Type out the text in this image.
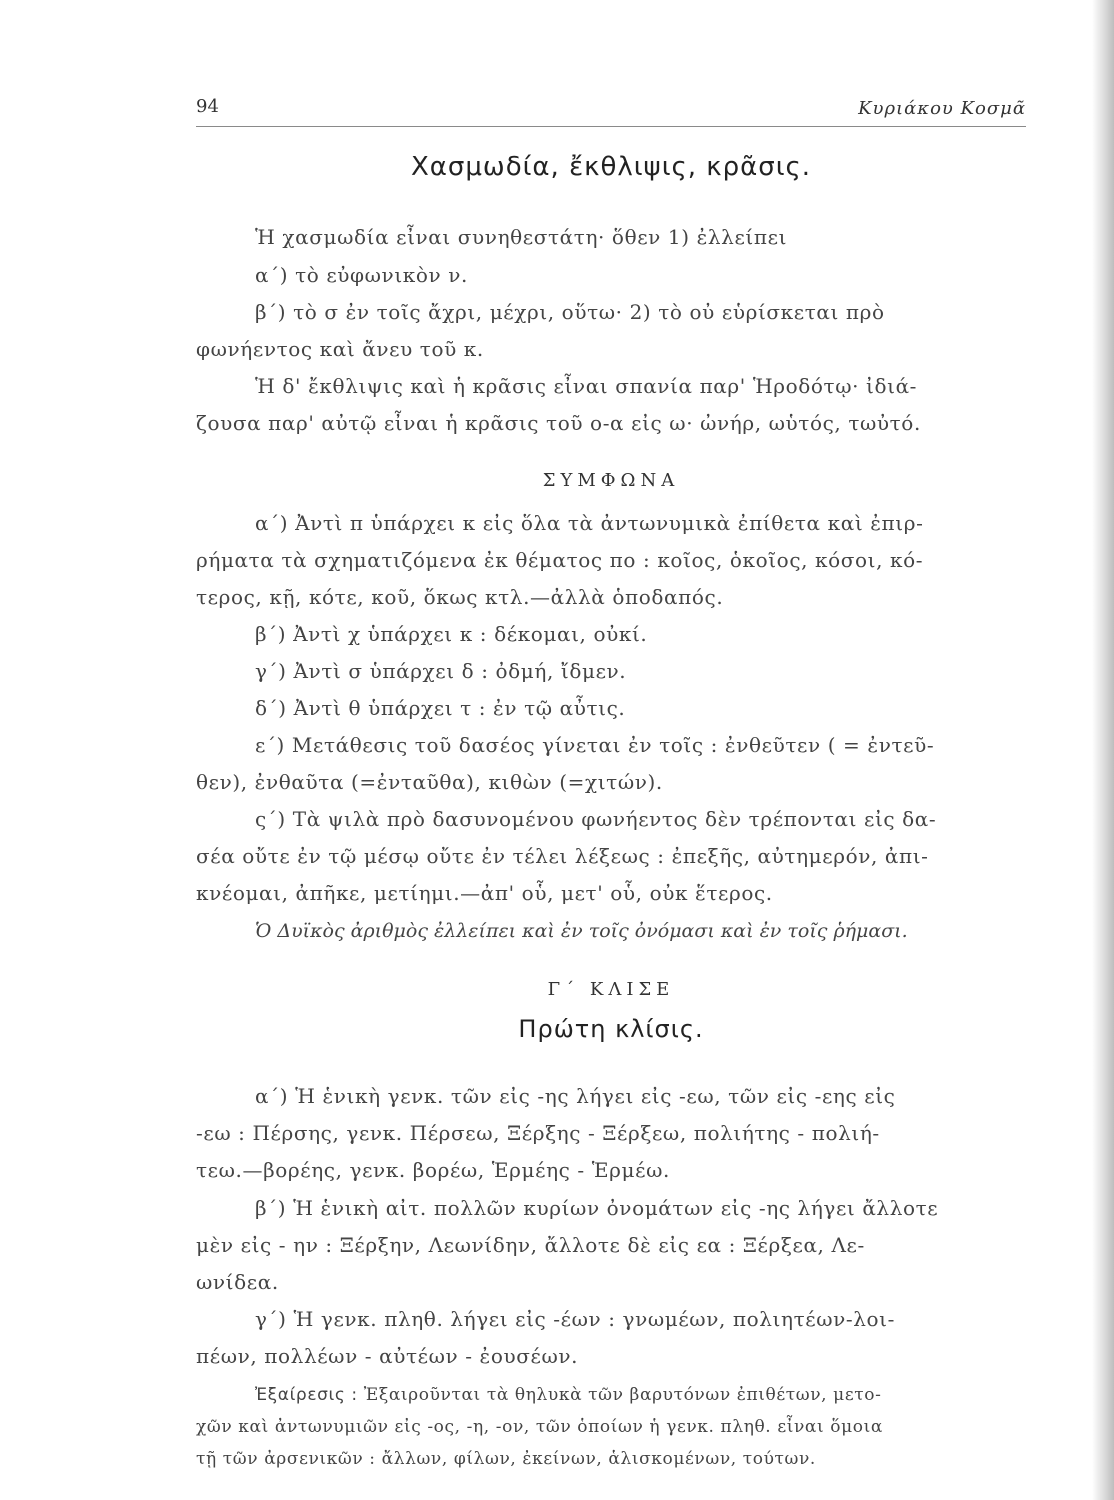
94	Κυριάκου Κοσμᾶ
Χασμωδία, ἔκθλιψις, κρᾶσις.
Ἡ χασμωδία εἶναι συνηθεστάτη· ὅθεν 1) ἐλλείπει
α΄) τὸ εὐφωνικὸν ν.
β΄) τὸ σ ἐν τοῖς ἄχρι, μέχρι, οὕτω· 2) τὸ οὐ εὑρίσκεται πρὸ
φωνήεντος καὶ ἄνευ τοῦ κ.
Ἡ δ' ἔκθλιψις καὶ ἡ κρᾶσις εἶναι σπανία παρ' Ἡροδότῳ· ἰδιά-
ζουσα παρ' αὐτῷ εἶναι ἡ κρᾶσις τοῦ ο-α εἰς ω· ὠνήρ, ωὑτός, τωὐτό.
ΣΥΜΦΩΝΑ
α΄) Ἀντὶ π ὑπάρχει κ εἰς ὅλα τὰ ἀντωνυμικὰ ἐπίθετα καὶ ἐπιρ-
ρήματα τὰ σχηματιζόμενα ἐκ θέματος πο : κοῖος, ὁκοῖος, κόσοι, κό-
τερος, κῇ, κότε, κοῦ, ὅκως κτλ.—ἀλλὰ ὁποδαπός.
β΄) Ἀντὶ χ ὑπάρχει κ : δέκομαι, οὐκί.
γ΄) Ἀντὶ σ ὑπάρχει δ : ὀδμή, ἴδμεν.
δ΄) Ἀντὶ θ ὑπάρχει τ : ἐν τῷ αὖτις.
ε΄) Μετάθεσις τοῦ δασέος γίνεται ἐν τοῖς : ἐνθεῦτεν ( = ἐντεῦ-
θεν), ἐνθαῦτα (=ἐνταῦθα), κιθὼν (=χιτών).
ς΄) Τὰ ψιλὰ πρὸ δασυνομένου φωνήεντος δὲν τρέπονται εἰς δα-
σέα οὔτε ἐν τῷ μέσῳ οὔτε ἐν τέλει λέξεως : ἐπεξῆς, αὐτημερόν, ἀπι-
κνέομαι, ἀπῆκε, μετίημι.—ἀπ' οὗ, μετ' οὗ, οὐκ ἕτερος.
Ὁ Δυϊκὸς ἀριθμὸς ἐλλείπει καὶ ἐν τοῖς ὀνόμασι καὶ ἐν τοῖς ῥήμασι.
Γ΄ ΚΛΙΣΕ
Πρώτη κλίσις.
α΄) Ἡ ἑνικὴ γενκ. τῶν εἰς -ης λήγει εἰς -εω, τῶν εἰς -εης εἰς
-εω : Πέρσης, γενκ. Πέρσεω, Ξέρξης - Ξέρξεω, πολιήτης - πολιή-
τεω.—βορέης, γενκ. βορέω, Ἑρμέης - Ἑρμέω.
β΄) Ἡ ἑνικὴ αἰτ. πολλῶν κυρίων ὀνομάτων εἰς -ης λήγει ἄλλοτε
μὲν εἰς - ην : Ξέρξην, Λεωνίδην, ἄλλοτε δὲ εἰς εα : Ξέρξεα, Λε-
ωνίδεα.
γ΄) Ἡ γενκ. πληθ. λήγει εἰς -έων : γνωμέων, πολιητέων-λοι-
πέων, πολλέων - αὐτέων - ἐουσέων.
Ἐξαίρεσις : Ἐξαιροῦνται τὰ θηλυκὰ τῶν βαρυτόνων ἐπιθέτων, μετο-
χῶν καὶ ἀντωνυμιῶν εἰς -ος, -η, -ον, τῶν ὁποίων ἡ γενκ. πληθ. εἶναι ὅμοια
τῇ τῶν ἀρσενικῶν : ἄλλων, φίλων, ἐκείνων, ἁλισκομένων, τούτων.
